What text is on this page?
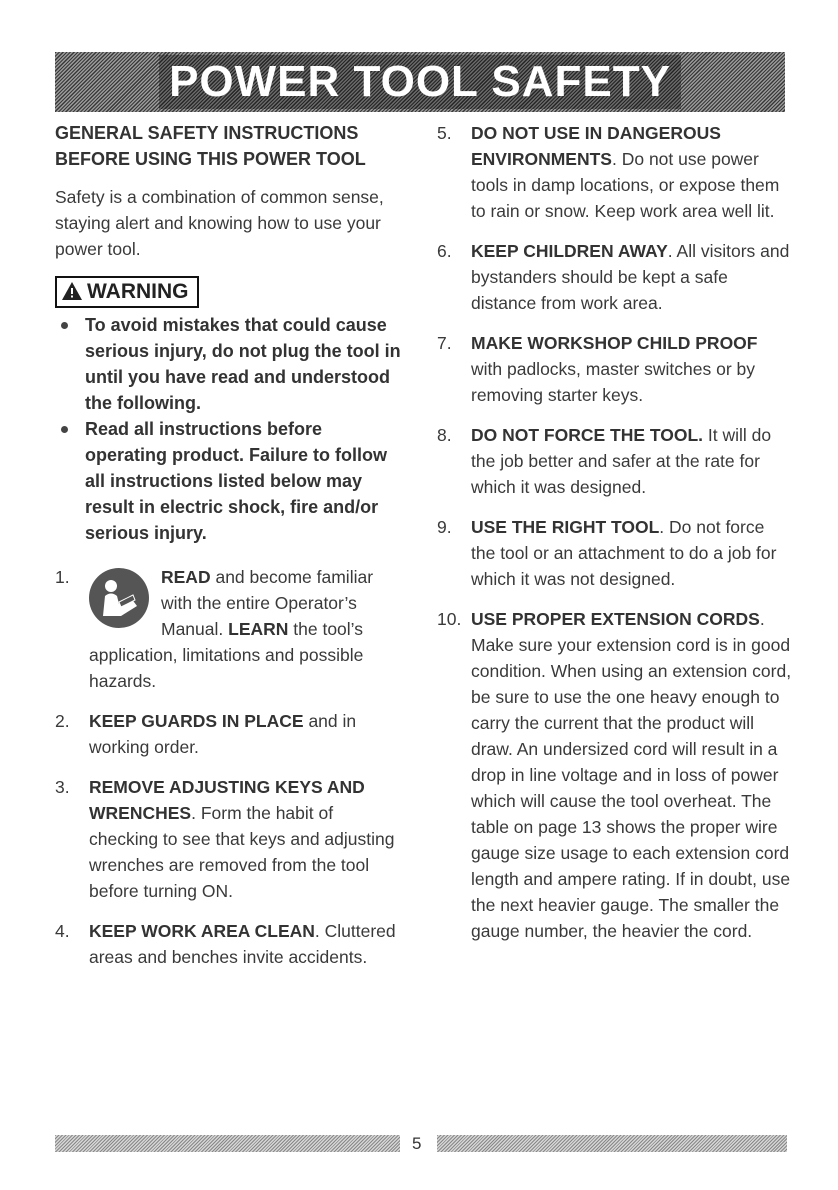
POWER TOOL SAFETY

GENERAL SAFETY INSTRUCTIONS
BEFORE USING THIS POWER TOOL

Safety is a combination of common sense, staying alert and knowing how to use your power tool.

WARNING
To avoid mistakes that could cause serious injury, do not plug the tool in until you have read and understood the following.
Read all instructions before operating product. Failure to follow all instructions listed below may result in electric shock, fire and/or serious injury.
1.	READ and become familiar with the entire Operator’s Manual. LEARN the tool’s application, limitations and possible hazards.
2. KEEP GUARDS IN PLACE and in working order.
3. REMOVE ADJUSTING KEYS AND WRENCHES. Form the habit of checking to see that keys and adjusting wrenches are removed from the tool before turning ON.
4. KEEP WORK AREA CLEAN. Cluttered areas and benches invite accidents.
5. DO NOT USE IN DANGEROUS ENVIRONMENTS. Do not use power tools in damp locations, or expose them to rain or snow. Keep work area well lit.
6. KEEP CHILDREN AWAY. All visitors and bystanders should be kept a safe distance from work area.
7. MAKE WORKSHOP CHILD PROOF with padlocks, master switches or by removing starter keys.
8. DO NOT FORCE THE TOOL. It will do the job better and safer at the rate for which it was designed.
9. USE THE RIGHT TOOL. Do not force the tool or an attachment to do a job for which it was not designed.
10. USE PROPER EXTENSION CORDS. Make sure your extension cord is in good condition. When using an extension cord, be sure to use the one heavy enough to carry the current that the product will draw. An undersized cord will result in a drop in line voltage and in loss of power which will cause the tool overheat. The table on page 13 shows the proper wire gauge size usage to each extension cord length and ampere rating. If in doubt, use the next heavier gauge. The smaller the gauge number, the heavier the cord.
5
